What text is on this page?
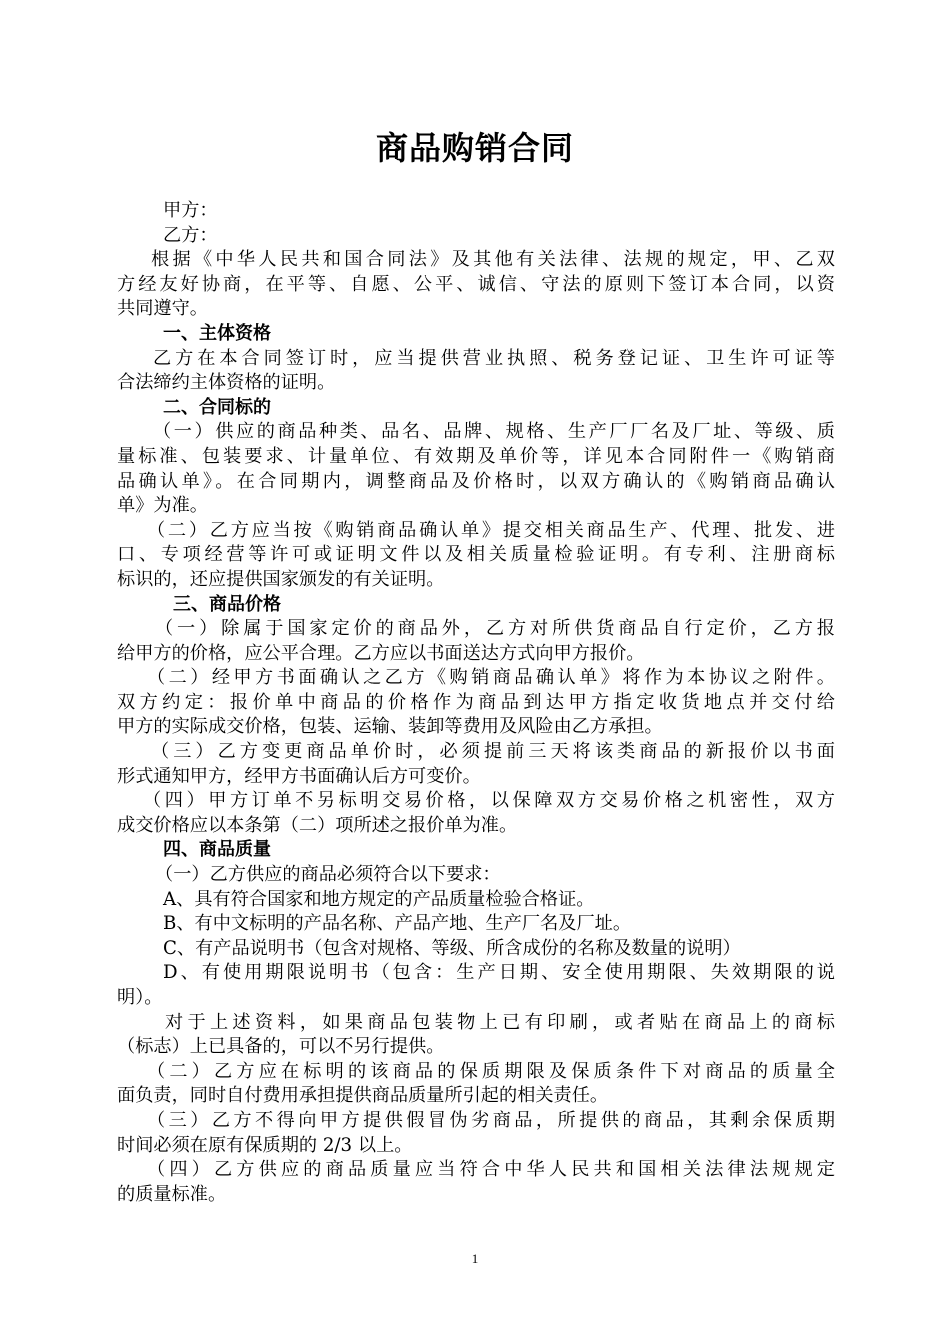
商品购销合同
甲方：
乙方：
根据《中华人民共和国合同法》及其他有关法律、法规的规定，甲、乙双
方经友好协商，在平等、自愿、公平、诚信、守法的原则下签订本合同，以资
共同遵守。
一、主体资格
乙方在本合同签订时，应当提供营业执照、税务登记证、卫生许可证等
合法缔约主体资格的证明。
二、合同标的
（一）供应的商品种类、品名、品牌、规格、生产厂厂名及厂址、等级、质
量标准、包装要求、计量单位、有效期及单价等，详见本合同附件一《购销商
品确认单》。在合同期内，调整商品及价格时，以双方确认的《购销商品确认
单》为准。
（二）乙方应当按《购销商品确认单》提交相关商品生产、代理、批发、进
口、专项经营等许可或证明文件以及相关质量检验证明。有专利、注册商标
标识的，还应提供国家颁发的有关证明。
三、商品价格
（一）除属于国家定价的商品外，乙方对所供货商品自行定价，乙方报
给甲方的价格，应公平合理。乙方应以书面送达方式向甲方报价。
（二）经甲方书面确认之乙方《购销商品确认单》将作为本协议之附件。
双方约定：报价单中商品的价格作为商品到达甲方指定收货地点并交付给
甲方的实际成交价格，包装、运输、装卸等费用及风险由乙方承担。
（三）乙方变更商品单价时，必须提前三天将该类商品的新报价以书面
形式通知甲方，经甲方书面确认后方可变价。
（四）甲方订单不另标明交易价格，以保障双方交易价格之机密性，双方
成交价格应以本条第（二）项所述之报价单为准。
四、商品质量
（一）乙方供应的商品必须符合以下要求：
A、具有符合国家和地方规定的产品质量检验合格证。
B、有中文标明的产品名称、产品产地、生产厂名及厂址。
C、有产品说明书（包含对规格、等级、所含成份的名称及数量的说明）
D、有使用期限说明书（包含：生产日期、安全使用期限、失效期限的说
明）。
对于上述资料，如果商品包装物上已有印刷，或者贴在商品上的商标
（标志）上已具备的，可以不另行提供。
（二）乙方应在标明的该商品的保质期限及保质条件下对商品的质量全
面负责，同时自付费用承担提供商品质量所引起的相关责任。
（三）乙方不得向甲方提供假冒伪劣商品，所提供的商品，其剩余保质期
时间必须在原有保质期的 2/3 以上。
（四）乙方供应的商品质量应当符合中华人民共和国相关法律法规规定
的质量标准。
1
